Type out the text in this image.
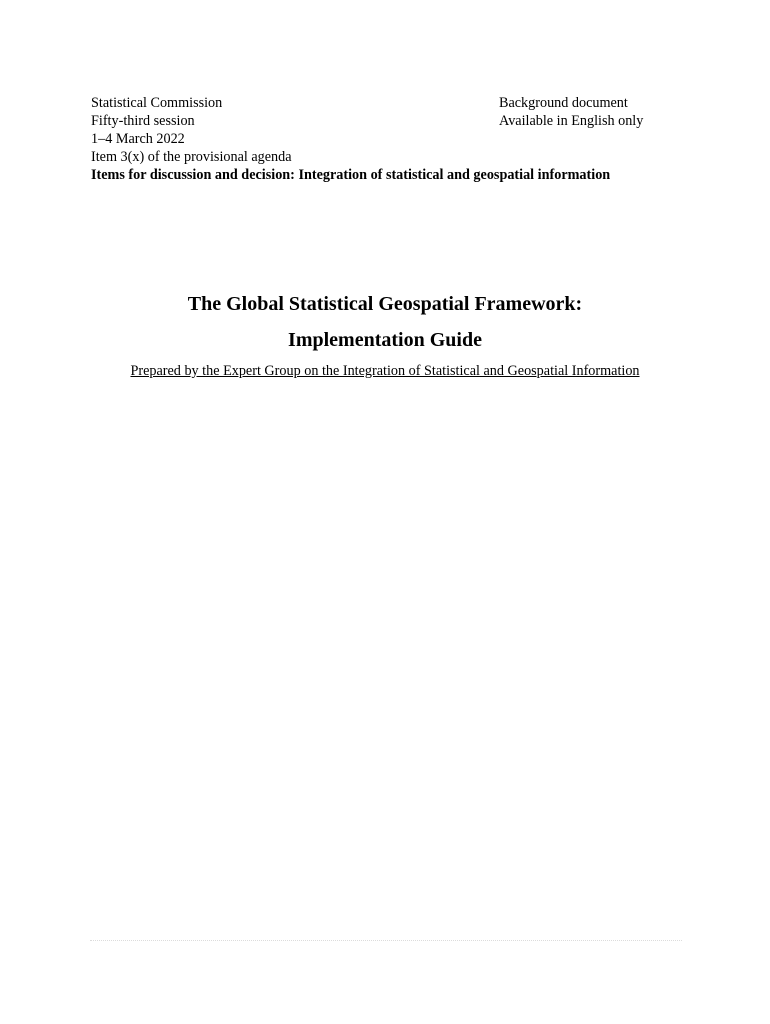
Statistical Commission
Fifty-third session
1–4 March 2022
Item 3(x) of the provisional agenda
Items for discussion and decision: Integration of statistical and geospatial information
Background document
Available in English only
The Global Statistical Geospatial Framework:
Implementation Guide
Prepared by the Expert Group on the Integration of Statistical and Geospatial Information
